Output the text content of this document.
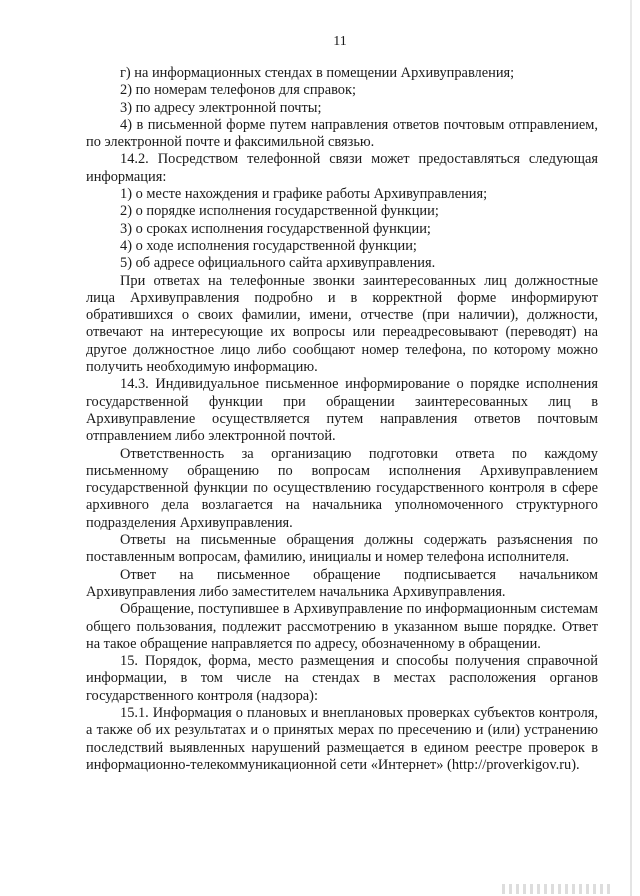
11

г) на информационных стендах в помещении Архивуправления;

2) по номерам телефонов для справок;

3) по адресу электронной почты;

4) в письменной форме путем направления ответов почтовым отправлением, по электронной почте и факсимильной связью.

14.2. Посредством телефонной связи может предоставляться следующая информация:

1) о месте нахождения и графике работы Архивуправления;

2) о порядке исполнения государственной функции;

3) о сроках исполнения государственной функции;

4) о ходе исполнения государственной функции;

5) об адресе официального сайта архивуправления.

При ответах на телефонные звонки заинтересованных лиц должностные лица Архивуправления подробно и в корректной форме информируют обратившихся о своих фамилии, имени, отчестве (при наличии), должности, отвечают на интересующие их вопросы или переадресовывают (переводят) на другое должностное лицо либо сообщают номер телефона, по которому можно получить необходимую информацию.

14.3. Индивидуальное письменное информирование о порядке исполнения государственной функции при обращении заинтересованных лиц в Архивуправление осуществляется путем направления ответов почтовым отправлением либо электронной почтой.

Ответственность за организацию подготовки ответа по каждому письменному обращению по вопросам исполнения Архивуправлением государственной функции по осуществлению государственного контроля в сфере архивного дела возлагается на начальника уполномоченного структурного подразделения Архивуправления.

Ответы на письменные обращения должны содержать разъяснения по поставленным вопросам, фамилию, инициалы и номер телефона исполнителя.

Ответ на письменное обращение подписывается начальником Архивуправления либо заместителем начальника Архивуправления.

Обращение, поступившее в Архивуправление по информационным системам общего пользования, подлежит рассмотрению в указанном выше порядке. Ответ на такое обращение направляется по адресу, обозначенному в обращении.

15. Порядок, форма, место размещения и способы получения справочной информации, в том числе на стендах в местах расположения органов государственного контроля (надзора):

15.1. Информация о плановых и внеплановых проверках субъектов контроля, а также об их результатах и о принятых мерах по пресечению и (или) устранению последствий выявленных нарушений размещается в едином реестре проверок в информационно-телекоммуникационной сети «Интернет» (http://proverkigov.ru).
